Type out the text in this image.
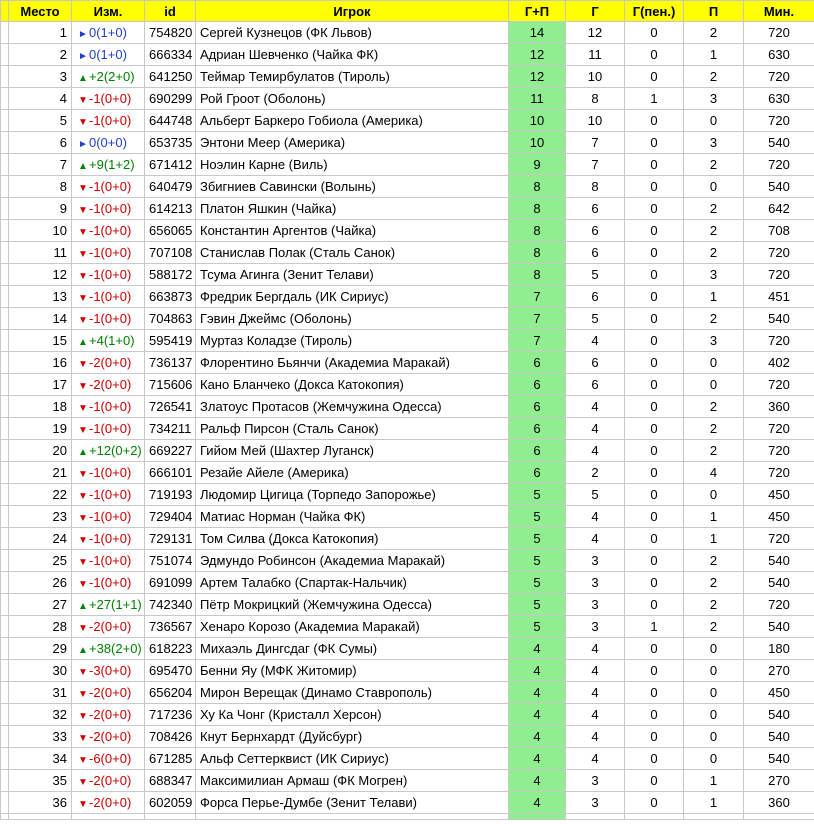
	Место	Изм.	id	Игрок	Г+П	Г	Г(пен.)	П	Мин.
	1	►0(1+0)	754820	Сергей Кузнецов (ФК Львов)	14	12	0	2	720
	2	►0(1+0)	666334	Адриан Шевченко (Чайка ФК)	12	11	0	1	630
	3	▲+2(2+0)	641250	Теймар Темирбулатов (Тироль)	12	10	0	2	720
	4	▼-1(0+0)	690299	Рой Гроот (Оболонь)	11	8	1	3	630
	5	▼-1(0+0)	644748	Альберт Баркеро Гобиола (Америка)	10	10	0	0	720
	6	►0(0+0)	653735	Энтони Меер (Америка)	10	7	0	3	540
	7	▲+9(1+2)	671412	Ноэлин Карне (Виль)	9	7	0	2	720
	8	▼-1(0+0)	640479	Збигниев Савински (Волынь)	8	8	0	0	540
	9	▼-1(0+0)	614213	Платон Яшкин (Чайка)	8	6	0	2	642
	10	▼-1(0+0)	656065	Константин Аргентов (Чайка)	8	6	0	2	708
	11	▼-1(0+0)	707108	Станислав Полак (Сталь Санок)	8	6	0	2	720
	12	▼-1(0+0)	588172	Тсума Агинга (Зенит Телави)	8	5	0	3	720
	13	▼-1(0+0)	663873	Фредрик Бергдаль (ИК Сириус)	7	6	0	1	451
	14	▼-1(0+0)	704863	Гэвин Джеймс (Оболонь)	7	5	0	2	540
	15	▲+4(1+0)	595419	Муртаз Коладзе (Тироль)	7	4	0	3	720
	16	▼-2(0+0)	736137	Флорентино Бьянчи (Академиа Маракай)	6	6	0	0	402
	17	▼-2(0+0)	715606	Кано Бланчеко (Докса Катокопия)	6	6	0	0	720
	18	▼-1(0+0)	726541	Златоус Протасов (Жемчужина Одесса)	6	4	0	2	360
	19	▼-1(0+0)	734211	Ральф Пирсон (Сталь Санок)	6	4	0	2	720
	20	▲+12(0+2)	669227	Гийом Мей (Шахтер Луганск)	6	4	0	2	720
	21	▼-1(0+0)	666101	Резайе Айеле (Америка)	6	2	0	4	720
	22	▼-1(0+0)	719193	Людомир Цигица (Торпедо Запорожье)	5	5	0	0	450
	23	▼-1(0+0)	729404	Матиас Норман (Чайка ФК)	5	4	0	1	450
	24	▼-1(0+0)	729131	Том Силва (Докса Катокопия)	5	4	0	1	720
	25	▼-1(0+0)	751074	Эдмундо Робинсон (Академиа Маракай)	5	3	0	2	540
	26	▼-1(0+0)	691099	Артем Талабко (Спартак-Нальчик)	5	3	0	2	540
	27	▲+27(1+1)	742340	Пётр Мокрицкий (Жемчужина Одесса)	5	3	0	2	720
	28	▼-2(0+0)	736567	Хенаро Корозо (Академиа Маракай)	5	3	1	2	540
	29	▲+38(2+0)	618223	Михаэль Дингсдаг (ФК Сумы)	4	4	0	0	180
	30	▼-3(0+0)	695470	Бенни Яу (МФК Житомир)	4	4	0	0	270
	31	▼-2(0+0)	656204	Мирон Верещак (Динамо Ставрополь)	4	4	0	0	450
	32	▼-2(0+0)	717236	Ху Ка Чонг (Кристалл Херсон)	4	4	0	0	540
	33	▼-2(0+0)	708426	Кнут Бернхардт (Дуйсбург)	4	4	0	0	540
	34	▼-6(0+0)	671285	Альф Сеттерквист (ИК Сириус)	4	4	0	0	540
	35	▼-2(0+0)	688347	Максимилиан Армаш (ФК Могрен)	4	3	0	1	270
	36	▼-2(0+0)	602059	Форса Перье-Думбе (Зенит Телави)	4	3	0	1	360
